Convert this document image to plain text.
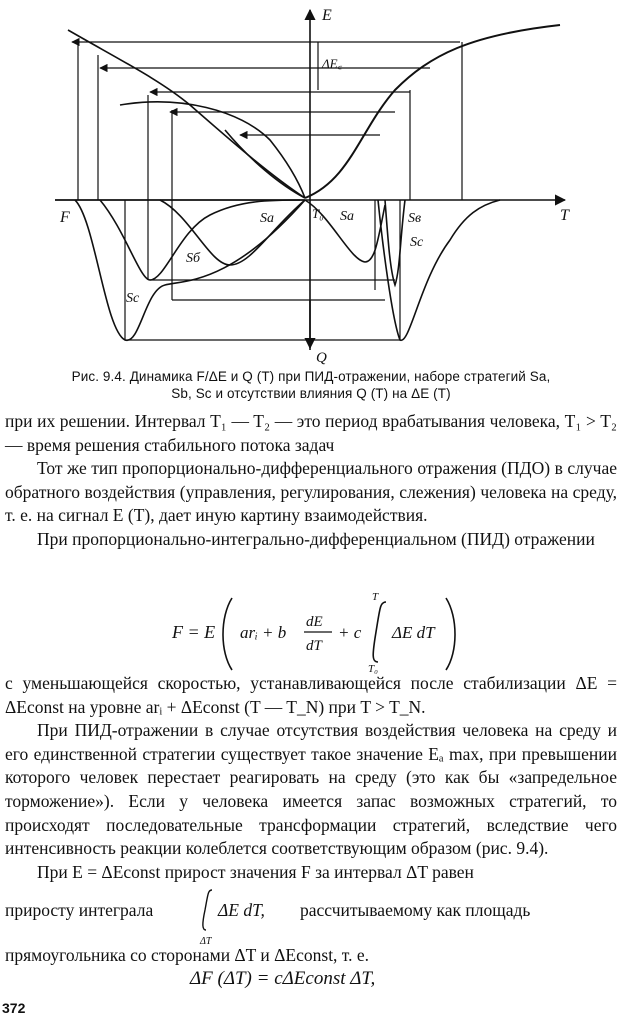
E
T
F
Q
ΔE꜀
T₀
Sa	Sa
Sб
Sв
Sc
Sc
Рис. 9.4. Динамика F/ΔE и Q (T) при ПИД-отражении, наборе стратегий Sa,
Sb, Sc и отсутствии влияния Q (T) на ΔE (T)

при их решении. Интервал T₁ — T₂ — это период врабатывания человека, T₁ > T₂ — время решения стабильного потока задач

Тот же тип пропорционально-дифференциального отражения (ПДО) в случае обратного воздействия (управления, регулирования, слежения) человека на среду, т. е. на сигнал E (T), дает иную картину взаимодействия.

При пропорционально-интегрально-дифференциальном (ПИД) отражении

F = E arᵢ + b
dE
dT
+ c
T
T₀
ΔE dT

с уменьшающейся скоростью, устанавливающейся после стабилизации ΔE = ΔEconst на уровне arᵢ + ΔEconst (T — T_N) при T > T_N.

При ПИД-отражении в случае отсутствия воздействия человека на среду и его единственной стратегии существует такое значение Eₐ max, при превышении которого человек перестает реагировать на среду (это как бы «запредельное торможение»). Если у человека имеется запас возможных стратегий, то происходят последовательные трансформации стратегий, вследствие чего интенсивность реакции колеблется соответствующим образом (рис. 9.4).

При E = ΔEconst прирост значения F за интервал ΔT равен

приросту интеграла
ΔT
ΔE dT, рассчитываемому как площадь

прямоугольника со сторонами ΔT и ΔEconst, т. е.

ΔF (ΔT) = cΔEconst ΔT,
372
